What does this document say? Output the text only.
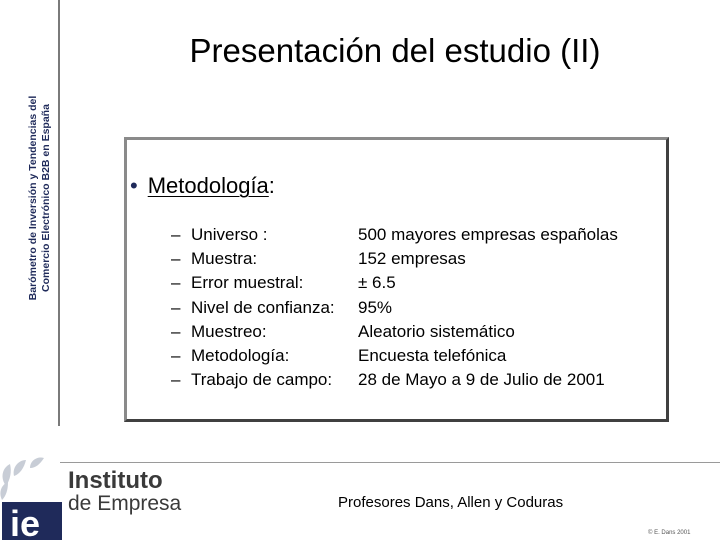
Barómetro de Inversión y Tendencias del Comercio Electrónico B2B en España
Presentación del estudio (II)
• Metodología:
– Universo :	500 mayores empresas españolas
– Muestra:	152 empresas
– Error muestral:	± 6.5
– Nivel de confianza:	95%
– Muestreo:	Aleatorio sistemático
– Metodología:	Encuesta telefónica
– Trabajo de campo:	28 de Mayo a 9 de Julio de 2001
ie
Instituto
de Empresa	Profesores Dans, Allen y Coduras
© E. Dans 2001
